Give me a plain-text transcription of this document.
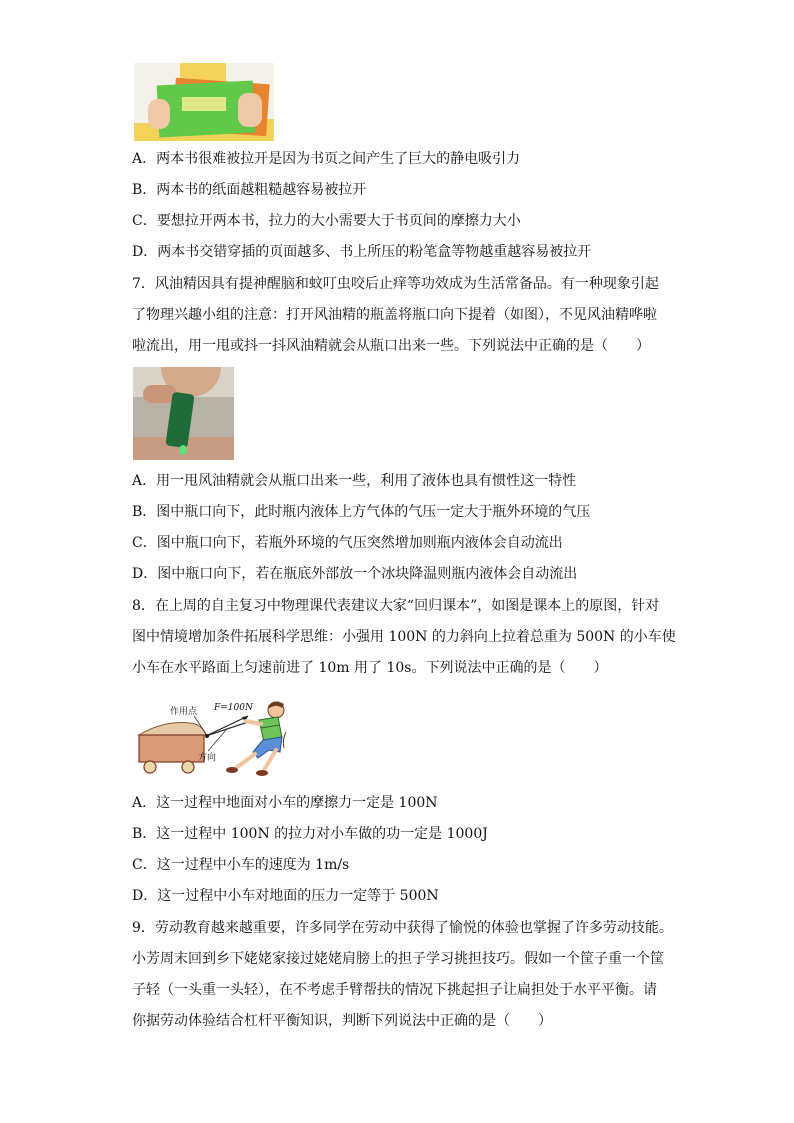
A．两本书很难被拉开是因为书页之间产生了巨大的静电吸引力
B．两本书的纸面越粗糙越容易被拉开
C．要想拉开两本书，拉力的大小需要大于书页间的摩擦力大小
D．两本书交错穿插的页面越多、书上所压的粉笔盒等物越重越容易被拉开
7．风油精因具有提神醒脑和蚊叮虫咬后止痒等功效成为生活常备品。有一种现象引起
了物理兴趣小组的注意：打开风油精的瓶盖将瓶口向下提着（如图），不见风油精哗啦
啦流出，用一甩或抖一抖风油精就会从瓶口出来一些。下列说法中正确的是（　　）
A．用一甩风油精就会从瓶口出来一些，利用了液体也具有惯性这一特性
B．图中瓶口向下，此时瓶内液体上方气体的气压一定大于瓶外环境的气压
C．图中瓶口向下，若瓶外环境的气压突然增加则瓶内液体会自动流出
D．图中瓶口向下，若在瓶底外部放一个冰块降温则瓶内液体会自动流出
8．在上周的自主复习中物理课代表建议大家“回归课本”，如图是课本上的原图，针对
图中情境增加条件拓展科学思维：小强用 100N 的力斜向上拉着总重为 500N 的小车使
小车在水平路面上匀速前进了 10m 用了 10s。下列说法中正确的是（　　）
作用点 F=100N
方向
A．这一过程中地面对小车的摩擦力一定是 100N
B．这一过程中 100N 的拉力对小车做的功一定是 1000J
C．这一过程中小车的速度为 1m/s
D．这一过程中小车对地面的压力一定等于 500N
9．劳动教育越来越重要，许多同学在劳动中获得了愉悦的体验也掌握了许多劳动技能。
小芳周末回到乡下姥姥家接过姥姥肩膀上的担子学习挑担技巧。假如一个筐子重一个筐
子轻（一头重一头轻），在不考虑手臂帮扶的情况下挑起担子让扁担处于水平平衡。请
你据劳动体验结合杠杆平衡知识，判断下列说法中正确的是（　　）
